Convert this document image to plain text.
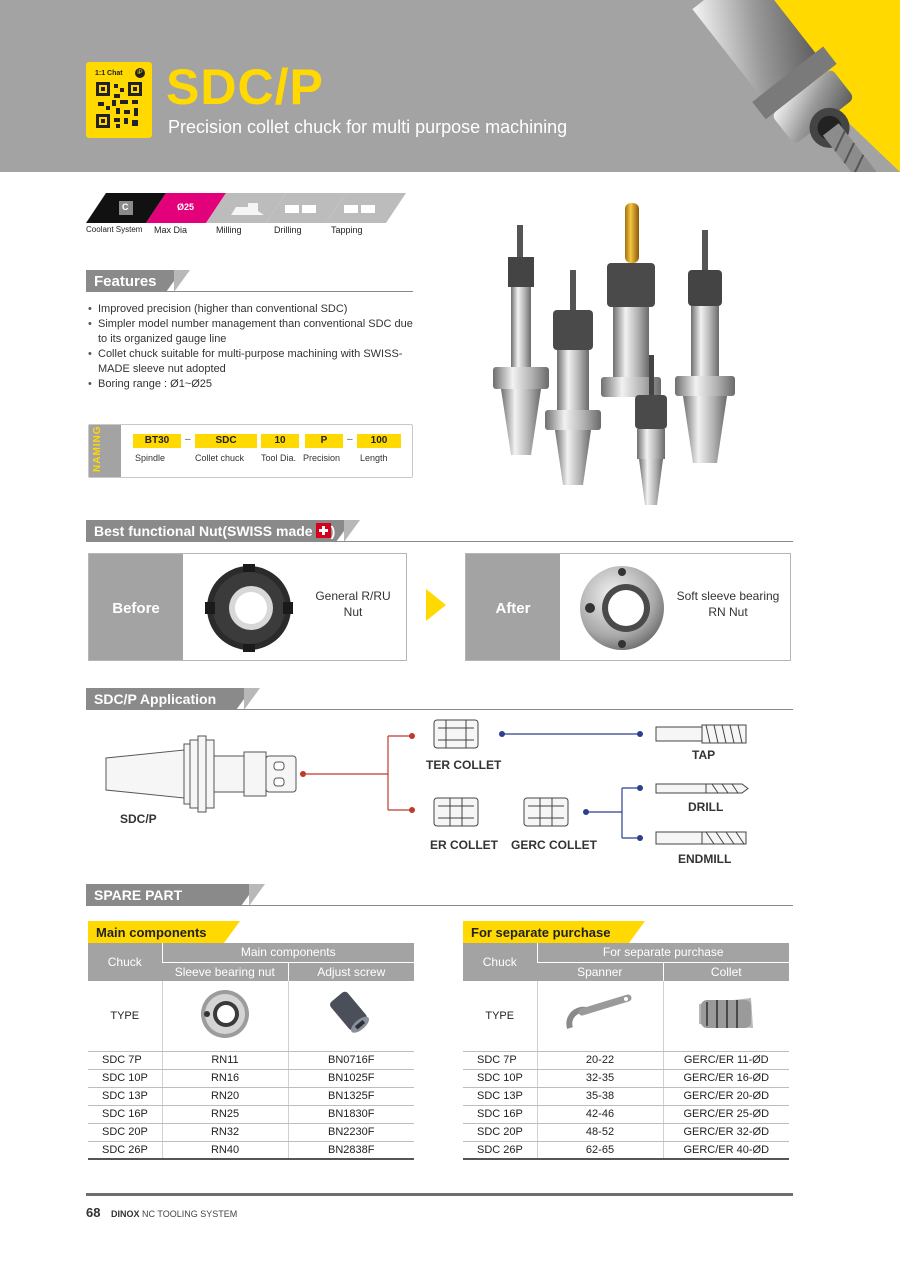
1:1 Chat	iP SDC/P
Precision collet chuck for multi purpose machining
C	Ø25
Coolant System Max Dia	Milling	Drilling	Tapping
Features
• Improved precision (higher than conventional SDC)
• Simpler model number management than conventional SDC due to its organized gauge line
• Collet chuck suitable for multi-purpose machining with SWISS-MADE sleeve nut adopted
• Boring range : Ø1~Ø25
NAMING	BT30	–	SDC	10	P	–	100
Spindle	Collet chuck Tool Dia. Precision Length
Best functional Nut(SWISS made )
Before
General R/RU
Nut	After
Soft sleeve bearing
RN Nut
SDC/P Application
SDC/P
TER COLLET
ER COLLET GERC COLLET
TAP
DRILL
ENDMILL
SPARE PART
Main components	For separate purchase
Chuck	Main components	
	Sleeve bearing nut	Adjust screw
TYPE		
SDC 7P	RN11	BN0716F
SDC 10P	RN16	BN1025F
SDC 13P	RN20	BN1325F
SDC 16P	RN25	BN1830F
SDC 20P	RN32	BN2230F
SDC 26P	RN40	BN2838F
Chuck	For separate purchase	
	Spanner	Collet
TYPE		
SDC 7P	20-22	GERC/ER 11-ØD
SDC 10P	32-35	GERC/ER 16-ØD
SDC 13P	35-38	GERC/ER 20-ØD
SDC 16P	42-46	GERC/ER 25-ØD
SDC 20P	48-52	GERC/ER 32-ØD
SDC 26P	62-65	GERC/ER 40-ØD
68 DINOX NC TOOLING SYSTEM
